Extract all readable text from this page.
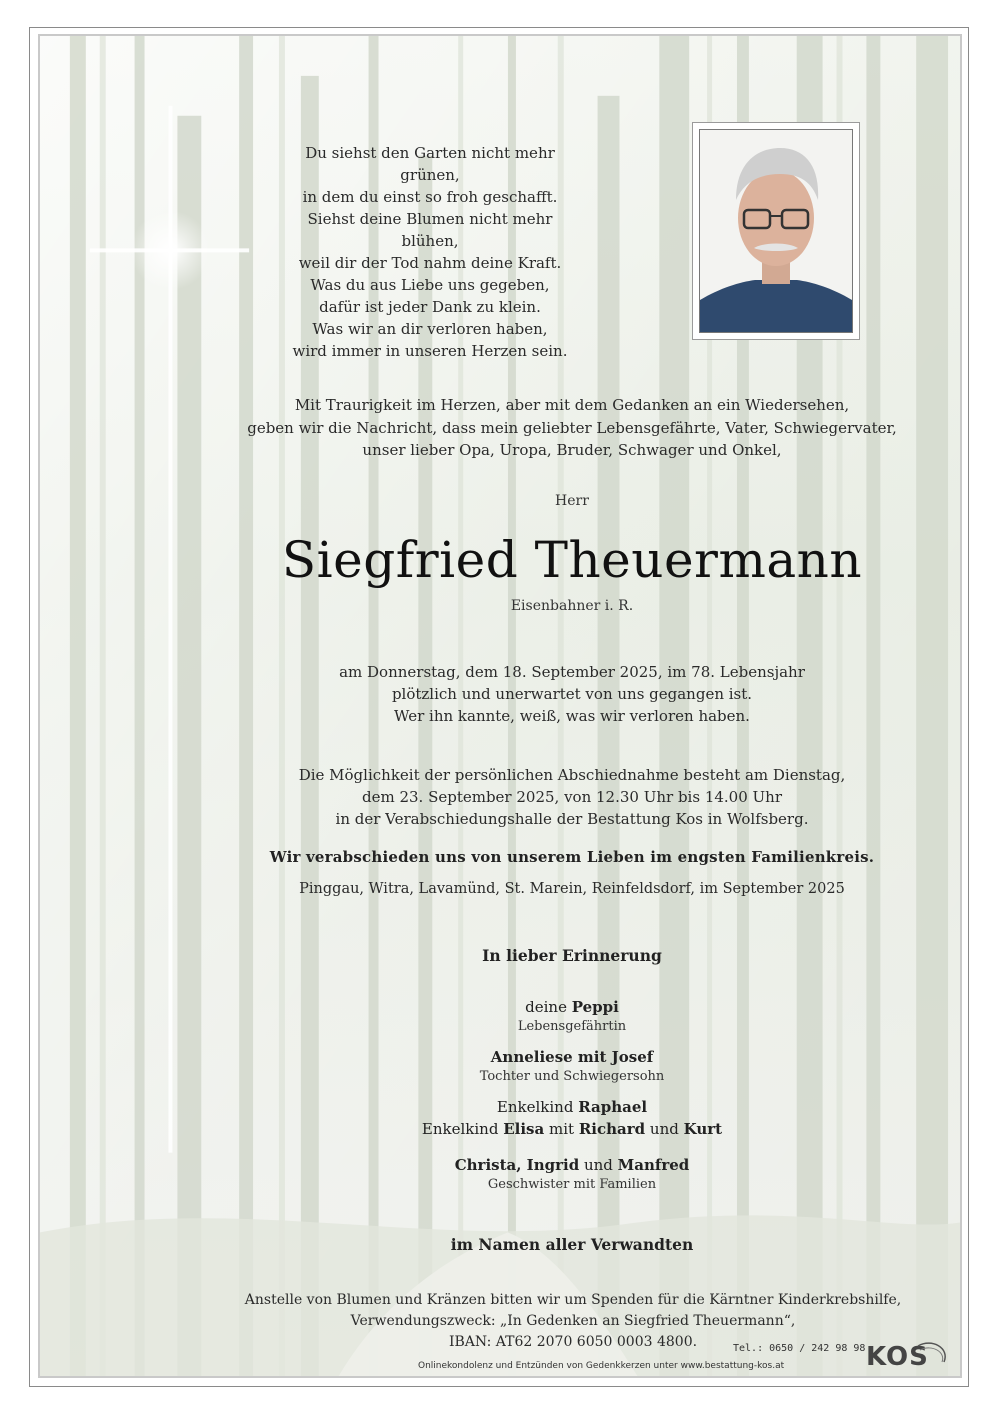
Du siehst den Garten nicht mehr grünen,
in dem du einst so froh geschafft.
Siehst deine Blumen nicht mehr blühen,
weil dir der Tod nahm deine Kraft.
Was du aus Liebe uns gegeben,
dafür ist jeder Dank zu klein.
Was wir an dir verloren haben,
wird immer in unseren Herzen sein.
Mit Traurigkeit im Herzen, aber mit dem Gedanken an ein Wiedersehen,
geben wir die Nachricht, dass mein geliebter Lebensgefährte, Vater, Schwiegervater,
unser lieber Opa, Uropa, Bruder, Schwager und Onkel,
Herr
Siegfried Theuermann
Eisenbahner i. R.
am Donnerstag, dem 18. September 2025, im 78. Lebensjahr
plötzlich und unerwartet von uns gegangen ist.
Wer ihn kannte, weiß, was wir verloren haben.
Die Möglichkeit der persönlichen Abschiednahme besteht am Dienstag,
dem 23. September 2025, von 12.30 Uhr bis 14.00 Uhr
in der Verabschiedungshalle der Bestattung Kos in Wolfsberg.
Wir verabschieden uns von unserem Lieben im engsten Familienkreis.
Pinggau, Witra, Lavamünd, St. Marein, Reinfeldsdorf, im September 2025
In lieber Erinnerung
deine Peppi
Lebensgefährtin
Anneliese mit Josef
Tochter und Schwiegersohn
Enkelkind Raphael
Enkelkind Elisa mit Richard und Kurt
Christa, Ingrid und Manfred
Geschwister mit Familien
im Namen aller Verwandten
Anstelle von Blumen und Kränzen bitten wir um Spenden für die Kärntner Kinderkrebshilfe,
Verwendungszweck: „In Gedenken an Siegfried Theuermann“,
IBAN: AT62 2070 6050 0003 4800.	Tel.: 0650 / 242 98 98
Onlinekondolenz und Entzünden von Gedenkkerzen unter www.bestattung-kos.at	KOS
